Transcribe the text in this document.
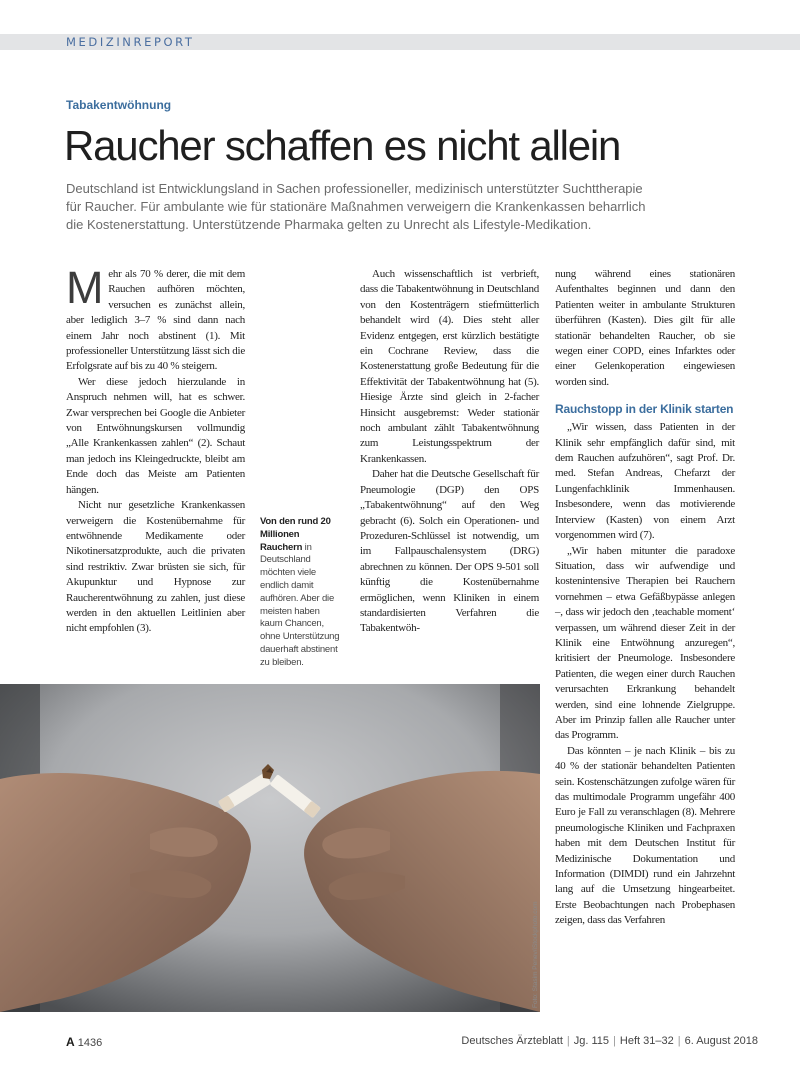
MEDIZINREPORT
Tabakentwöhnung
Raucher schaffen es nicht allein
Deutschland ist Entwicklungsland in Sachen professioneller, medizinisch unterstützter Suchttherapie
für Raucher. Für ambulante wie für stationäre Maßnahmen verweigern die Krankenkassen beharrlich
die Kostenerstattung. Unterstützende Pharmaka gelten zu Unrecht als Lifestyle-Medikation.

Mehr als 70 % derer, die mit dem Rauchen aufhören möchten, versuchen es zunächst allein, aber lediglich 3–7 % sind dann nach einem Jahr noch abstinent (1). Mit professioneller Unterstützung lässt sich die Erfolgsrate auf bis zu 40 % steigern.

Wer diese jedoch hierzulande in Anspruch nehmen will, hat es schwer. Zwar versprechen bei Google die Anbieter von Entwöhnungskursen vollmundig „Alle Krankenkassen zahlen“ (2). Schaut man jedoch ins Kleingedruckte, bleibt am Ende doch das Meiste am Patienten hängen.

Nicht nur gesetzliche Krankenkassen verweigern die Kostenübernahme für entwöhnende Medikamente oder Nikotinersatzprodukte, auch die privaten sind restriktiv. Zwar brüsten sie sich, für Akupunktur und Hypnose zur Raucherentwöhnung zu zahlen, just diese werden in den aktuellen Leitlinien aber nicht empfohlen (3).

Von den rund 20 Millionen Rauchern in Deutschland möchten viele endlich damit aufhören. Aber die meisten haben kaum Chancen, ohne Unterstützung dauerhaft abstinent zu bleiben.

Auch wissenschaftlich ist verbrieft, dass die Tabakentwöhnung in Deutschland von den Kostenträgern stiefmütterlich behandelt wird (4). Dies steht aller Evidenz entgegen, erst kürzlich bestätigte ein Cochrane Review, dass die Kostenerstattung große Bedeutung für die Effektivität der Tabakentwöhnung hat (5). Hiesige Ärzte sind gleich in 2-facher Hinsicht ausgebremst: Weder stationär noch ambulant zählt Tabakentwöhnung zum Leistungsspektrum der Krankenkassen.

Daher hat die Deutsche Gesellschaft für Pneumologie (DGP) den OPS „Tabakentwöhnung“ auf den Weg gebracht (6). Solch ein Operationen- und Prozeduren-Schlüssel ist notwendig, um im Fallpauschalensystem (DRG) abrechnen zu können. Der OPS 9-501 soll künftig die Kostenübernahme ermöglichen, wenn Kliniken in einem standardisierten Verfahren die Tabakentwöh-

nung während eines stationären Aufenthaltes beginnen und dann den Patienten weiter in ambulante Strukturen überführen (Kasten). Dies gilt für alle stationär behandelten Raucher, ob sie wegen einer COPD, eines Infarktes oder einer Gelenkoperation eingewiesen worden sind.

Rauchstopp in der Klinik starten

„Wir wissen, dass Patienten in der Klinik sehr empfänglich dafür sind, mit dem Rauchen aufzuhören“, sagt Prof. Dr. med. Stefan Andreas, Chefarzt der Lungenfachklinik Immenhausen. Insbesondere, wenn das motivierende Interview (Kasten) von einem Arzt vorgenommen wird (7).

„Wir haben mitunter die paradoxe Situation, dass wir aufwendige und kostenintensive Therapien bei Rauchern vornehmen – etwa Gefäßbypässe anlegen –, dass wir jedoch den ‚teachable moment‘ verpassen, um während dieser Zeit in der Klinik eine Entwöhnung anzuregen“, kritisiert der Pneumologe. Insbesondere Patienten, die wegen einer durch Rauchen verursachten Erkrankung behandelt werden, sind eine lohnende Zielgruppe. Aber im Prinzip fallen alle Raucher unter das Programm.

Das könnten – je nach Klinik – bis zu 40 % der stationär behandelten Patienten sein. Kostenschätzungen zufolge wären für das multimodale Programm ungefähr 400 Euro je Fall zu veranschlagen (8). Mehrere pneumologische Kliniken und Fachpraxen haben mit dem Deutschen Institut für Medizinische Dokumentation und Information (DIMDI) rund ein Jahrzehnt lang auf die Umsetzung hingearbeitet. Erste Beobachtungen nach Probephasen zeigen, dass das Verfahren

Foto: Stasim Penev/iStockphoto.com
A 1436	Deutsches Ärzteblatt | Jg. 115 | Heft 31–32 | 6. August 2018
